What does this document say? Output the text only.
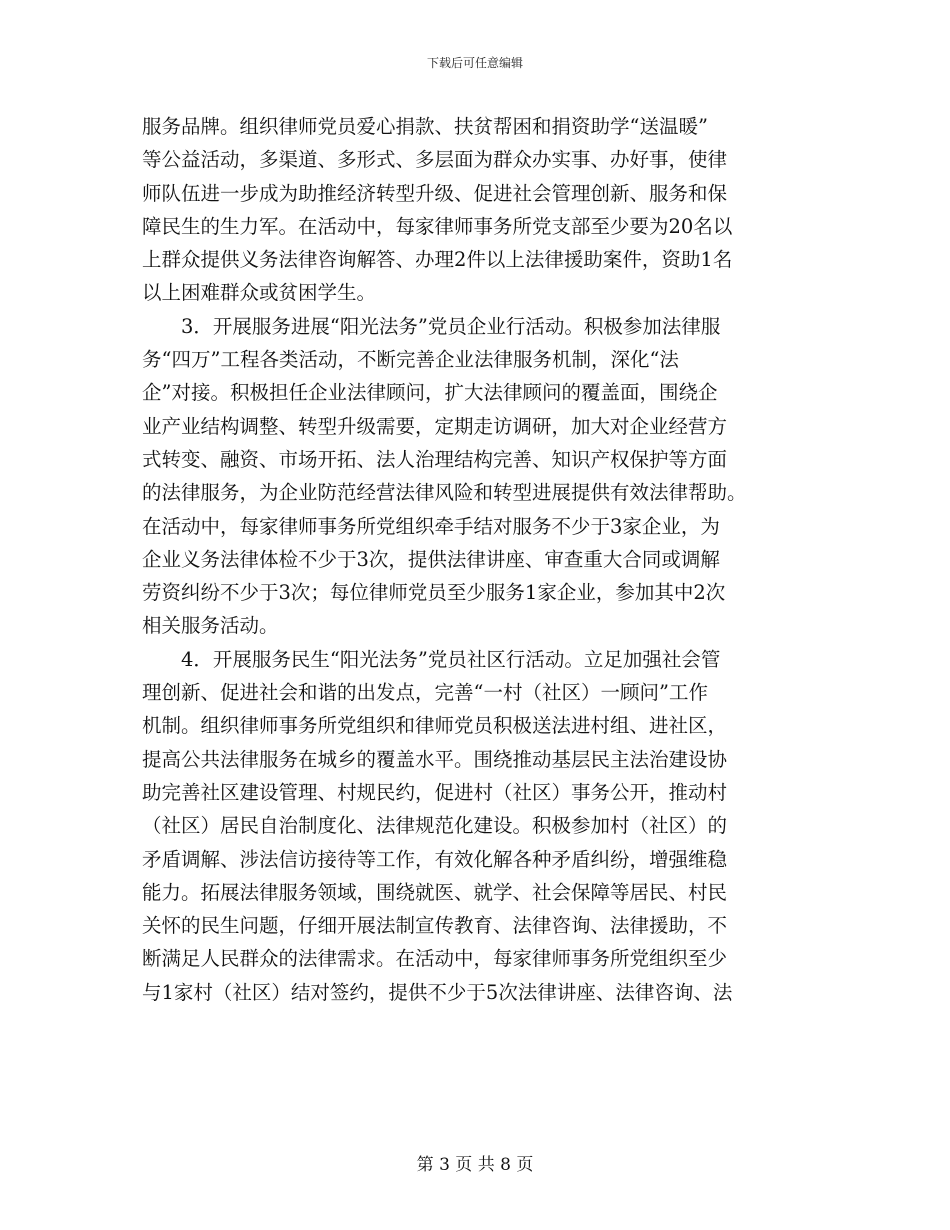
下载后可任意编辑
服务品牌。组织律师党员爱心捐款、扶贫帮困和捐资助学“送温暖”
等公益活动，多渠道、多形式、多层面为群众办实事、办好事，使律
师队伍进一步成为助推经济转型升级、促进社会管理创新、服务和保
障民生的生力军。在活动中，每家律师事务所党支部至少要为20名以
上群众提供义务法律咨询解答、办理2件以上法律援助案件，资助1名
以上困难群众或贫困学生。
　　3．开展服务进展“阳光法务”党员企业行活动。积极参加法律服
务“四万”工程各类活动，不断完善企业法律服务机制，深化“法
企”对接。积极担任企业法律顾问，扩大法律顾问的覆盖面，围绕企
业产业结构调整、转型升级需要，定期走访调研，加大对企业经营方
式转变、融资、市场开拓、法人治理结构完善、知识产权保护等方面
的法律服务，为企业防范经营法律风险和转型进展提供有效法律帮助。
在活动中，每家律师事务所党组织牵手结对服务不少于3家企业，为
企业义务法律体检不少于3次，提供法律讲座、审查重大合同或调解
劳资纠纷不少于3次；每位律师党员至少服务1家企业，参加其中2次
相关服务活动。
　　4．开展服务民生“阳光法务”党员社区行活动。立足加强社会管
理创新、促进社会和谐的出发点，完善“一村（社区）一顾问”工作
机制。组织律师事务所党组织和律师党员积极送法进村组、进社区，
提高公共法律服务在城乡的覆盖水平。围绕推动基层民主法治建设协
助完善社区建设管理、村规民约，促进村（社区）事务公开，推动村
（社区）居民自治制度化、法律规范化建设。积极参加村（社区）的
矛盾调解、涉法信访接待等工作，有效化解各种矛盾纠纷，增强维稳
能力。拓展法律服务领域，围绕就医、就学、社会保障等居民、村民
关怀的民生问题，仔细开展法制宣传教育、法律咨询、法律援助，不
断满足人民群众的法律需求。在活动中，每家律师事务所党组织至少
与1家村（社区）结对签约，提供不少于5次法律讲座、法律咨询、法
第 3 页 共 8 页
